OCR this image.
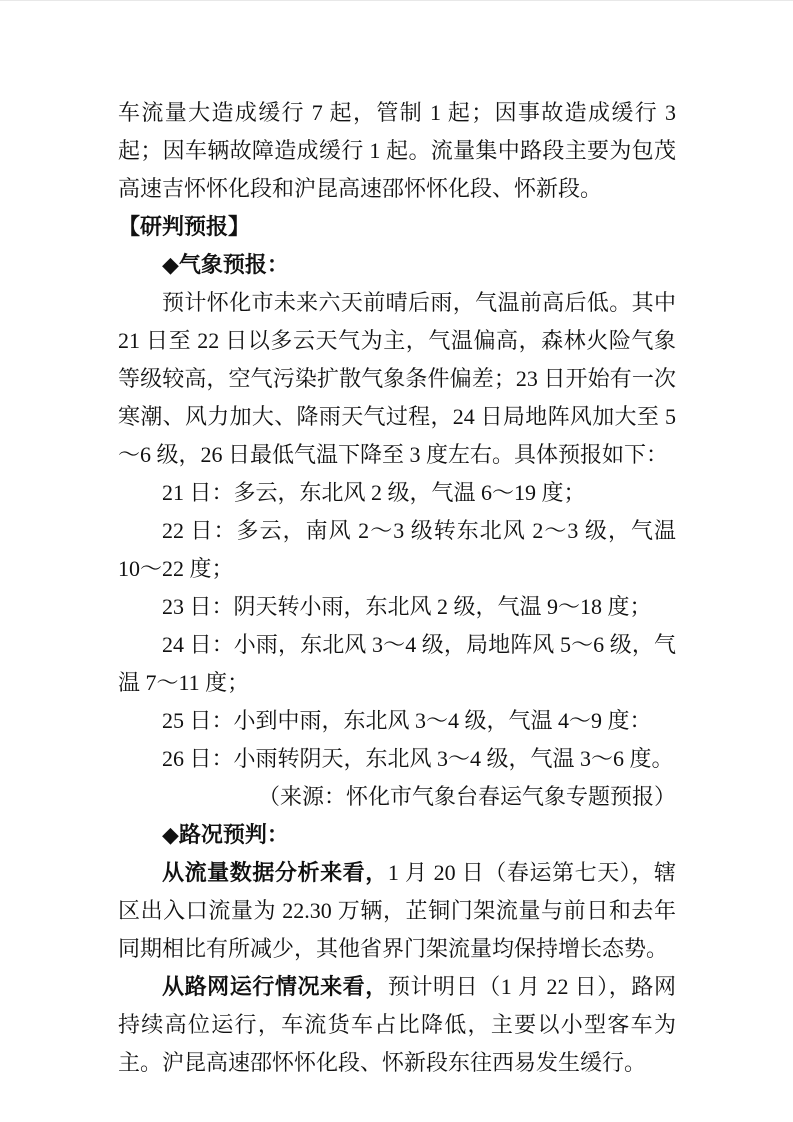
车流量大造成缓行 7 起，管制 1 起；因事故造成缓行 3 起；因车辆故障造成缓行 1 起。流量集中路段主要为包茂高速吉怀怀化段和沪昆高速邵怀怀化段、怀新段。

【研判预报】

◆气象预报：

预计怀化市未来六天前晴后雨，气温前高后低。其中 21 日至 22 日以多云天气为主，气温偏高，森林火险气象等级较高，空气污染扩散气象条件偏差；23 日开始有一次寒潮、风力加大、降雨天气过程，24 日局地阵风加大至 5～6 级，26 日最低气温下降至 3 度左右。具体预报如下：

21 日：多云，东北风 2 级，气温 6～19 度；

22 日：多云，南风 2～3 级转东北风 2～3 级，气温 10～22 度；

23 日：阴天转小雨，东北风 2 级，气温 9～18 度；

24 日：小雨，东北风 3～4 级，局地阵风 5～6 级，气温 7～11 度；

25 日：小到中雨，东北风 3～4 级，气温 4～9 度：

26 日：小雨转阴天，东北风 3～4 级，气温 3～6 度。

（来源：怀化市气象台春运气象专题预报）

◆路况预判：

从流量数据分析来看，1 月 20 日（春运第七天），辖区出入口流量为 22.30 万辆，芷铜门架流量与前日和去年同期相比有所减少，其他省界门架流量均保持增长态势。

从路网运行情况来看，预计明日（1 月 22 日），路网持续高位运行，车流货车占比降低，主要以小型客车为主。沪昆高速邵怀怀化段、怀新段东往西易发生缓行。
